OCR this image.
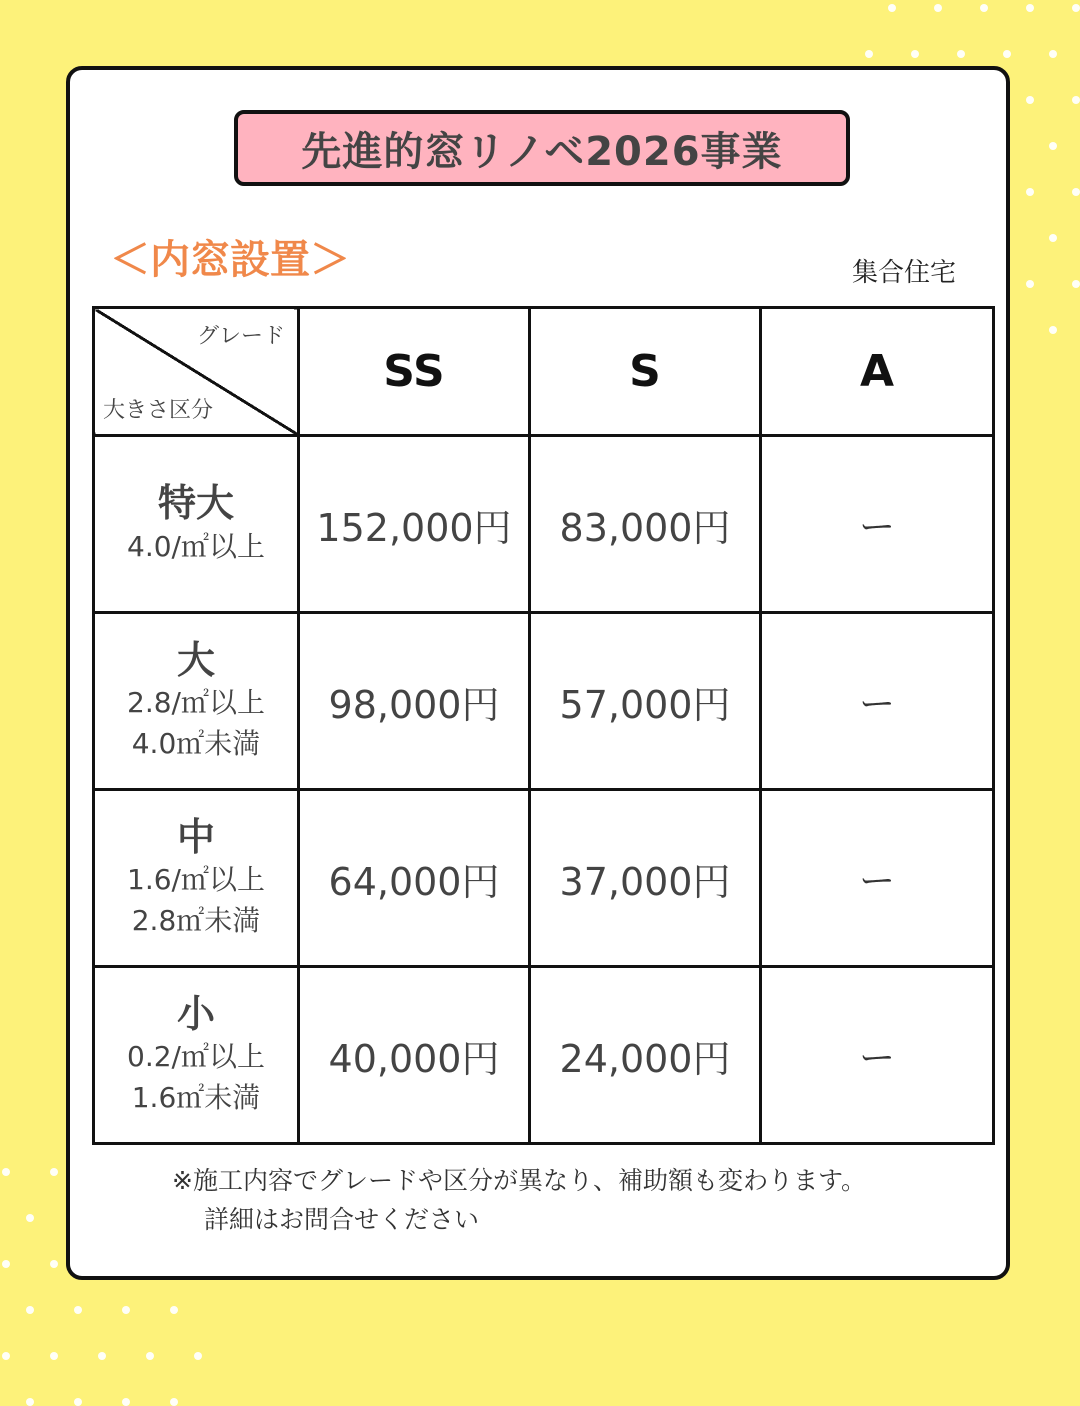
先進的窓リノベ2026事業
＜内窓設置＞	集合住宅
グレード
大きさ区分	SS	S	A

特大
4.0/㎡以上	152,000円	83,000円	ー

大
2.8/㎡以上
4.0㎡未満	98,000円	57,000円	ー

中
1.6/㎡以上
2.8㎡未満	64,000円	37,000円	ー

小
0.2/㎡以上
1.6㎡未満	40,000円	24,000円	ー
※施工内容でグレードや区分が異なり、補助額も変わります。
詳細はお問合せください
